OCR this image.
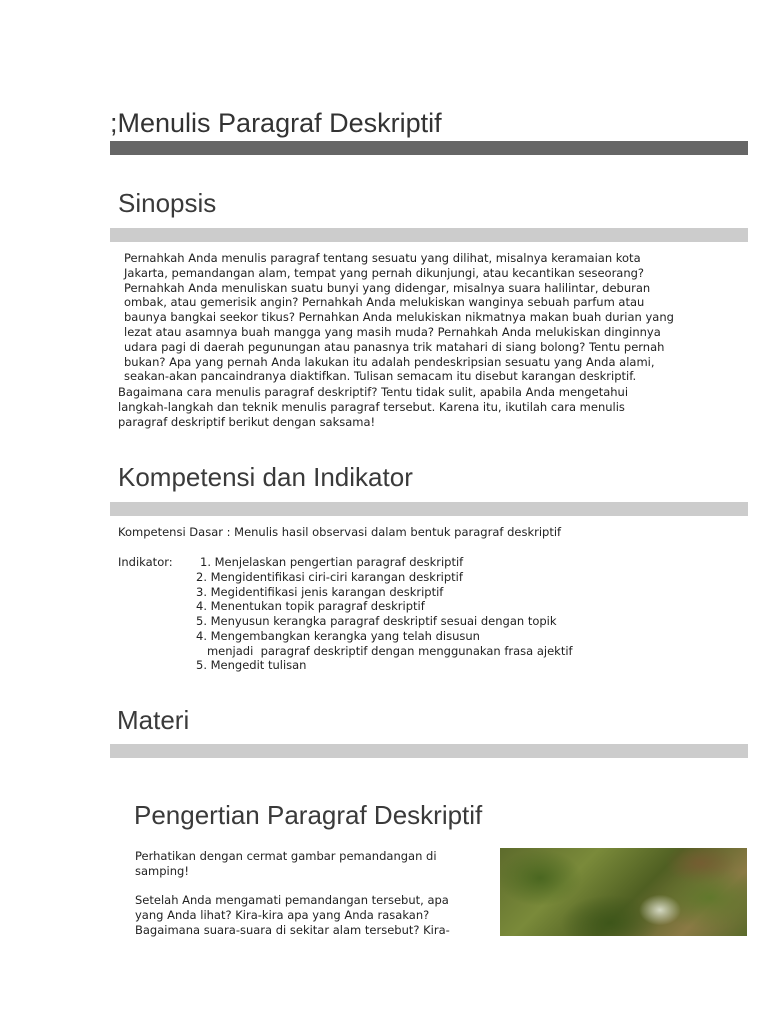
;Menulis Paragraf Deskriptif
Sinopsis
Pernahkah Anda menulis paragraf tentang sesuatu yang dilihat, misalnya keramaian kota
Jakarta, pemandangan alam, tempat yang pernah dikunjungi, atau kecantikan seseorang?
Pernahkah Anda menuliskan suatu bunyi yang didengar, misalnya suara halilintar, deburan
ombak, atau gemerisik angin? Pernahkah Anda melukiskan wanginya sebuah parfum atau
baunya bangkai seekor tikus? Pernahkan Anda melukiskan nikmatnya makan buah durian yang
lezat atau asamnya buah mangga yang masih muda? Pernahkah Anda melukiskan dinginnya
udara pagi di daerah pegunungan atau panasnya trik matahari di siang bolong? Tentu pernah
bukan? Apa yang pernah Anda lakukan itu adalah pendeskripsian sesuatu yang Anda alami,
seakan-akan pancaindranya diaktifkan. Tulisan semacam itu disebut karangan deskriptif.
Bagaimana cara menulis paragraf deskriptif? Tentu tidak sulit, apabila Anda mengetahui
langkah-langkah dan teknik menulis paragraf tersebut. Karena itu, ikutilah cara menulis
paragraf deskriptif berikut dengan saksama!
Kompetensi dan Indikator
Kompetensi Dasar : Menulis hasil observasi dalam bentuk paragraf deskriptif
Indikator: 1. Menjelaskan pengertian paragraf deskriptif
2. Mengidentifikasi ciri-ciri karangan deskriptif
3. Megidentifikasi jenis karangan deskriptif
4. Menentukan topik paragraf deskriptif
5. Menyusun kerangka paragraf deskriptif sesuai dengan topik
4. Mengembangkan kerangka yang telah disusun
menjadi  paragraf deskriptif dengan menggunakan frasa ajektif
5. Mengedit tulisan
Materi
Pengertian Paragraf Deskriptif
Perhatikan dengan cermat gambar pemandangan di
samping!
Setelah Anda mengamati pemandangan tersebut, apa
yang Anda lihat? Kira-kira apa yang Anda rasakan?
Bagaimana suara-suara di sekitar alam tersebut? Kira-
